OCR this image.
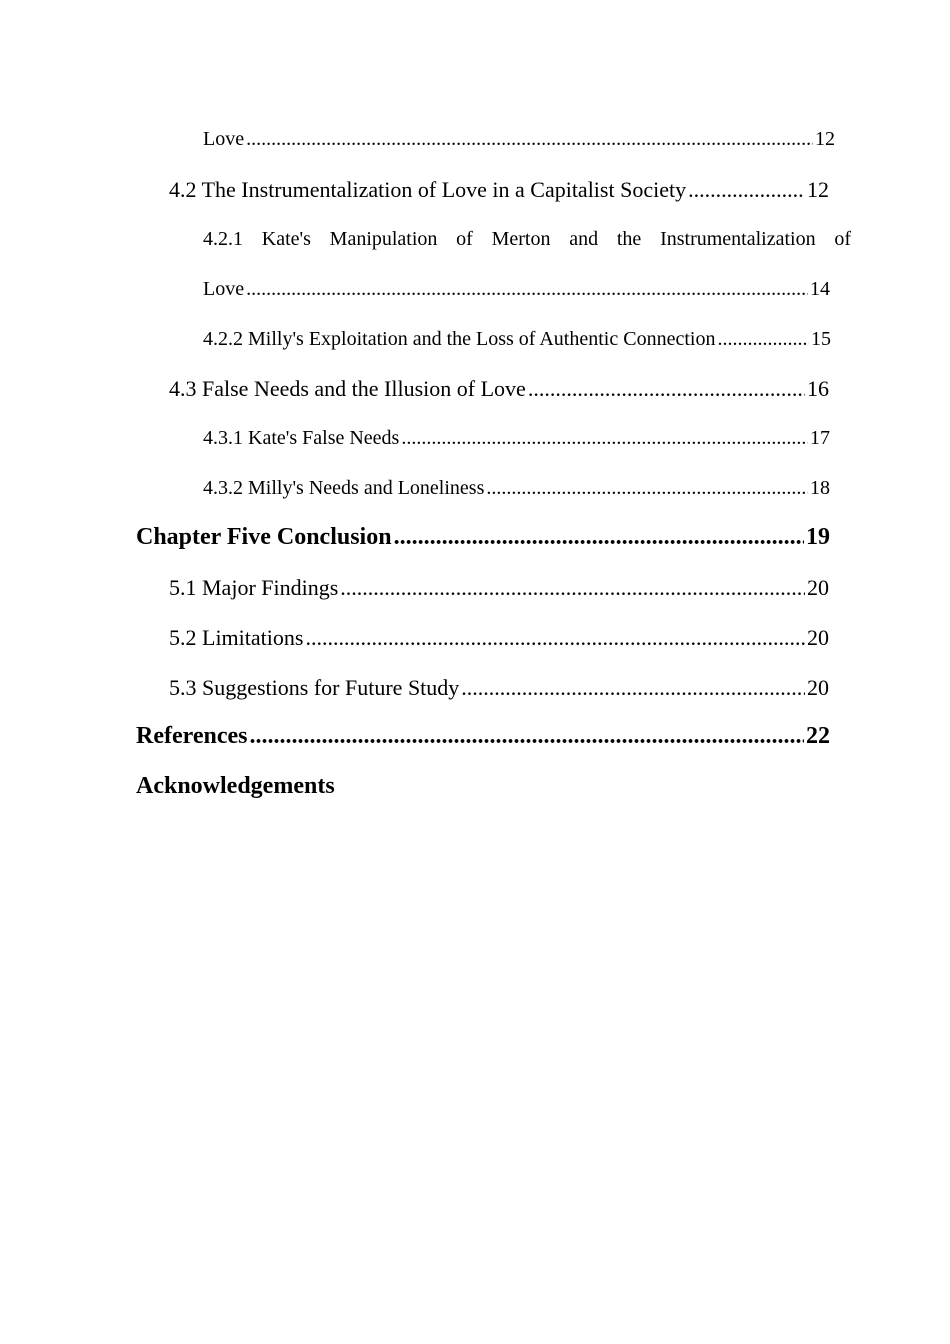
Love .....	12
4.2 The Instrumentalization of Love in a Capitalist Society .....	12
4.2.1 Kate's Manipulation of Merton and the Instrumentalization of
Love .....	14
4.2.2 Milly's Exploitation and the Loss of Authentic Connection .....	15
4.3 False Needs and the Illusion of Love .....	16
4.3.1 Kate's False Needs .....	17
4.3.2 Milly's Needs and Loneliness .....	18
Chapter Five Conclusion .....	19
5.1 Major Findings .....	20
5.2 Limitations .....	20
5.3 Suggestions for Future Study .....	20
References .....	22
Acknowledgements
